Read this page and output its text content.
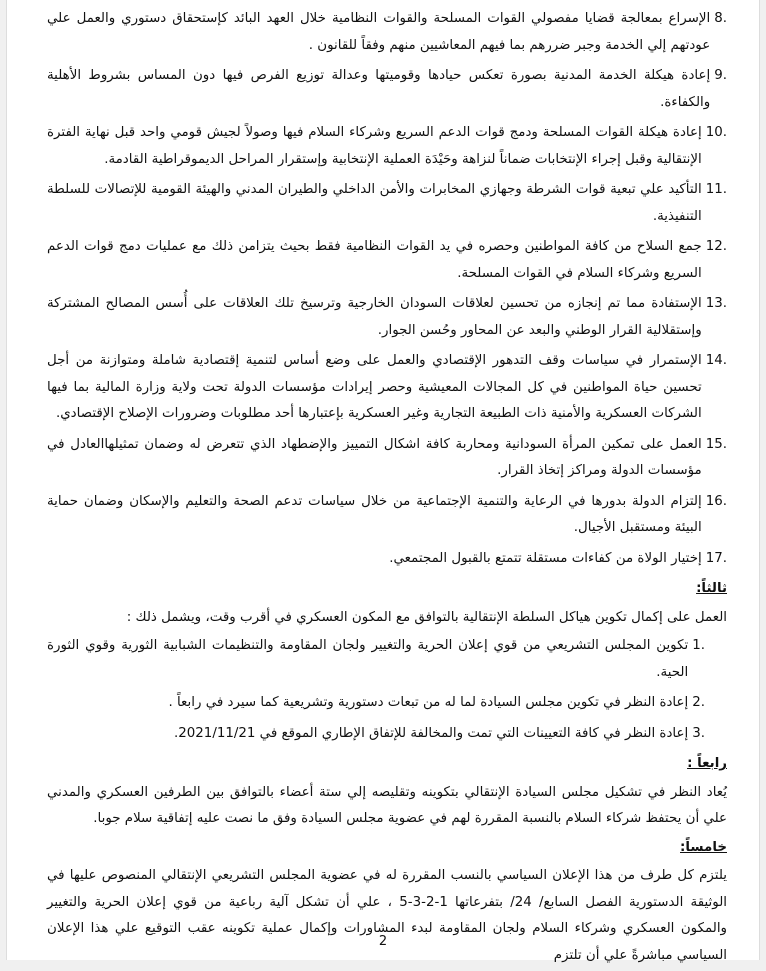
8.
الإسراع بمعالجة قضايا مفصولي القوات المسلحة والقوات النظامية خلال العهد البائد كإستحقاق دستوري والعمل علي عودتهم إلي الخدمة وجبر ضررهم بما فيهم المعاشيين منهم وفقاً للقانون .
9.
إعادة هيكلة الخدمة المدنية بصورة تعكس حيادها وقوميتها وعدالة توزيع الفرص فيها دون المساس بشروط الأهلية والكفاءة.
10.
إعادة هيكلة القوات المسلحة ودمج قوات الدعم السريع وشركاء السلام فيها وصولاً لجيش قومي واحد قبل نهاية الفترة الإنتقالية وقبل إجراء الإنتخابات ضماناً لنزاهة وحَيْدَة العملية الإنتخابية وإستقرار المراحل الديموقراطية القادمة.
11.
التأكيد علي تبعية قوات الشرطة وجهازي المخابرات والأمن الداخلي والطيران المدني والهيئة القومية للإتصالات للسلطة التنفيذية.
12.
جمع السلاح من كافة المواطنين وحصره في يد القوات النظامية فقط بحيث يتزامن ذلك مع عمليات دمج قوات الدعم السريع وشركاء السلام في القوات المسلحة.
13.
الإستفادة مما تم إنجازه من تحسين لعلاقات السودان الخارجية وترسيخ تلك العلاقات على أُسس المصالح المشتركة وإستقلالية القرار الوطني والبعد عن المحاور وحُسن الجوار.
14.
الإستمرار في سياسات وقف التدهور الإقتصادي والعمل على وضع أساس لتنمية إقتصادية شاملة ومتوازنة من أجل تحسين حياة المواطنين في كل المجالات المعيشية وحصر إيرادات مؤسسات الدولة تحت ولاية وزارة المالية بما فيها الشركات العسكرية والأمنية ذات الطبيعة التجارية وغير العسكرية بإعتبارها أحد مطلوبات وضرورات الإصلاح الإقتصادي.
15.
العمل على تمكين المرأة السودانية ومحاربة كافة اشكال التمييز والإضطهاد الذي تتعرض له وضمان تمثيلهاالعادل في مؤسسات الدولة ومراكز إتخاذ القرار.
16.
إلتزام الدولة بدورها في الرعاية والتنمية الإجتماعية من خلال سياسات تدعم الصحة والتعليم والإسكان وضمان حماية البيئة ومستقبل الأجيال.
17.
إختيار الولاة من كفاءات مستقلة تتمتع بالقبول المجتمعي.
ثالثاً:
العمل على إكمال تكوين هياكل السلطة الإنتقالية بالتوافق مع المكون العسكري في أقرب وقت، ويشمل ذلك :
1.
تكوين المجلس التشريعي من قوي إعلان الحرية والتغيير ولجان المقاومة والتنظيمات الشبابية الثورية وقوي الثورة الحية.
2.
إعادة النظر في تكوين مجلس السيادة لما له من تبعات دستورية وتشريعية كما سيرد في رابعاً .
3.
إعادة النظر في كافة التعيينات التي تمت والمخالفة للإتفاق الإطاري الموقع في 2021/11/21.
رابعاً :
يُعاد النظر في تشكيل مجلس السيادة الإنتقالي بتكوينه وتقليصه إلي ستة أعضاء بالتوافق بين الطرفين العسكري والمدني علي أن يحتفظ شركاء السلام بالنسبة المقررة لهم في عضوية مجلس السيادة وفق ما نصت عليه إتفاقية سلام جوبا.
خامساً:
يلتزم كل طرف من هذا الإعلان السياسي بالنسب المقررة له في عضوية المجلس التشريعي الإنتقالي المنصوص عليها في الوثيقة الدستورية الفصل السابع/ 24/ بتفرعاتها 1-2-3-5 ، علي أن تشكل آلية رباعية من قوي إعلان الحرية والتغيير والمكون العسكري وشركاء السلام ولجان المقاومة لبدء المشاورات وإكمال عملية تكوينه عقب التوقيع علي هذا الإعلان السياسي مباشرةً علي أن تلتزم
2
